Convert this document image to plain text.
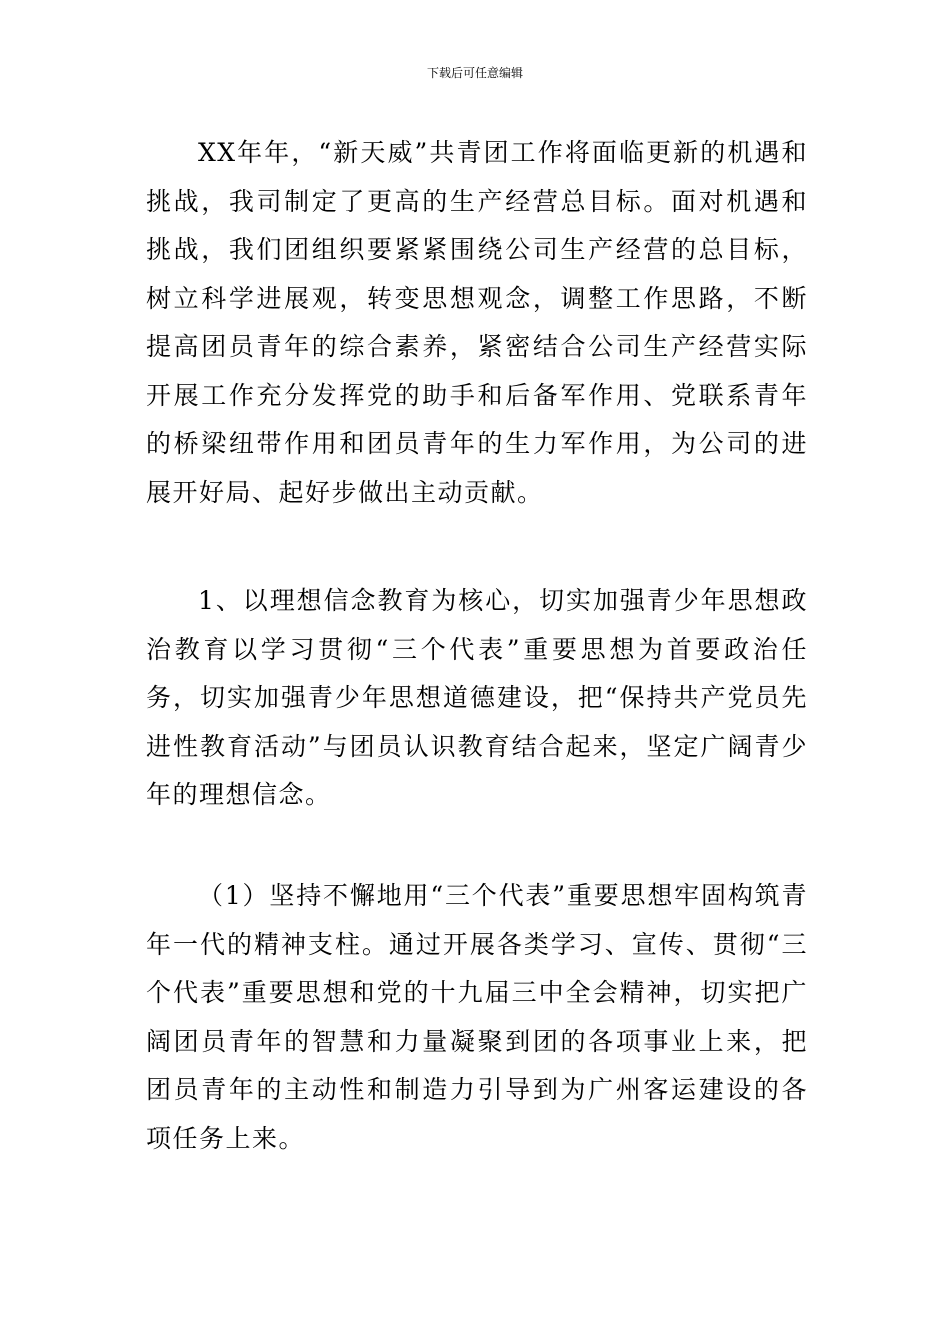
下载后可任意编辑

XX年年，“新天威”共青团工作将面临更新的机遇和挑战，我司制定了更高的生产经营总目标。面对机遇和挑战，我们团组织要紧紧围绕公司生产经营的总目标，树立科学进展观，转变思想观念，调整工作思路，不断提高团员青年的综合素养，紧密结合公司生产经营实际开展工作充分发挥党的助手和后备军作用、党联系青年的桥梁纽带作用和团员青年的生力军作用，为公司的进展开好局、起好步做出主动贡献。

1、以理想信念教育为核心，切实加强青少年思想政治教育以学习贯彻“三个代表”重要思想为首要政治任务，切实加强青少年思想道德建设，把“保持共产党员先进性教育活动”与团员认识教育结合起来，坚定广阔青少年的理想信念。

（1）坚持不懈地用“三个代表”重要思想牢固构筑青年一代的精神支柱。通过开展各类学习、宣传、贯彻“三个代表”重要思想和党的十九届三中全会精神，切实把广阔团员青年的智慧和力量凝聚到团的各项事业上来，把团员青年的主动性和制造力引导到为广州客运建设的各项任务上来。
